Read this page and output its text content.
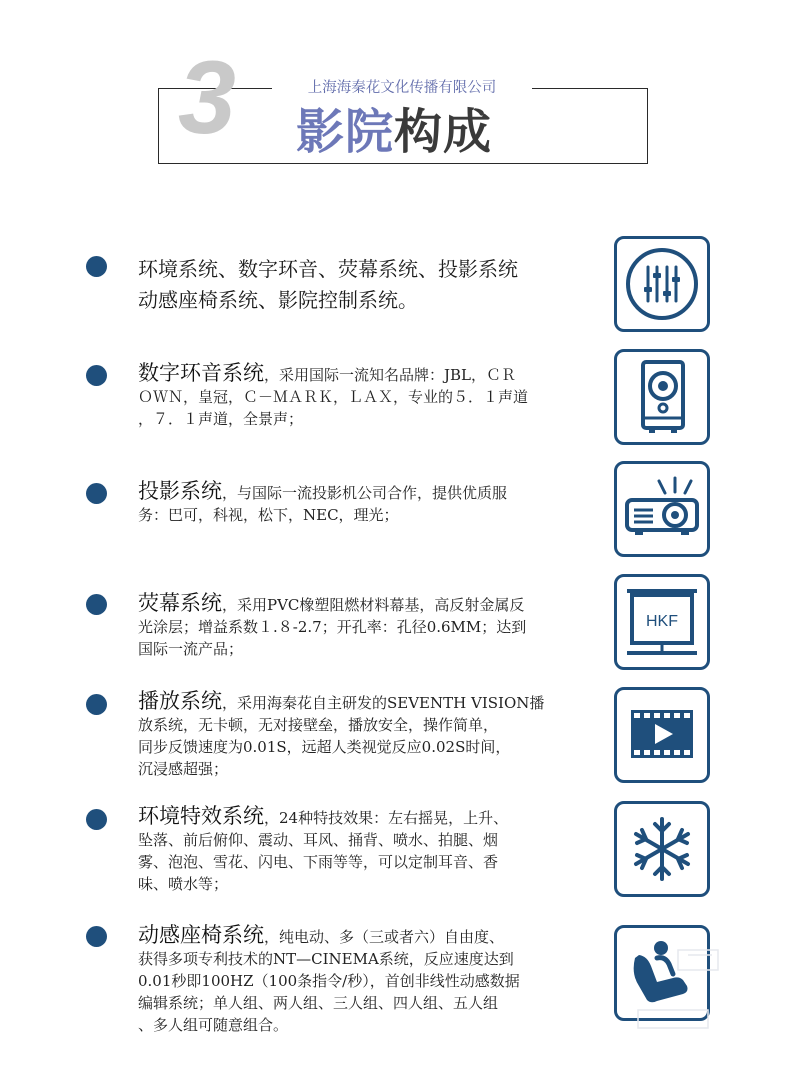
3	上海海秦花文化传播有限公司
影院构成
环境系统、数字环音、荧幕系统、投影系统
动感座椅系统、影院控制系统。
数字环音系统，采用国际一流知名品牌：JBL，ＣＲ
ＯＷＮ，皇冠，Ｃ－ＭＡＲＫ，ＬＡＸ，专业的５．１声道
，７．１声道，全景声；
投影系统，与国际一流投影机公司合作，提供优质服
务：巴可，科视，松下，NEC，理光；
荧幕系统，采用PVC橡塑阻燃材料幕基，高反射金属反
光涂层；增益系数１.８-2.7；开孔率：孔径0.6MM；达到
国际一流产品；
播放系统，采用海秦花自主研发的SEVENTH VISION播
放系统，无卡顿，无对接壁垒，播放安全，操作简单，
同步反馈速度为0.01S，远超人类视觉反应0.02S时间，
沉浸感超强；
环境特效系统，24种特技效果：左右摇晃，上升、
坠落、前后俯仰、震动、耳风、捅背、喷水、拍腿、烟
雾、泡泡、雪花、闪电、下雨等等，可以定制耳音、香
味、喷水等；
动感座椅系统，纯电动、多（三或者六）自由度、
获得多项专利技术的NT—CINEMA系统，反应速度达到
0.01秒即100HZ（100条指令/秒），首创非线性动感数据
编辑系统；单人组、两人组、三人组、四人组、五人组
、多人组可随意组合。
HKF
